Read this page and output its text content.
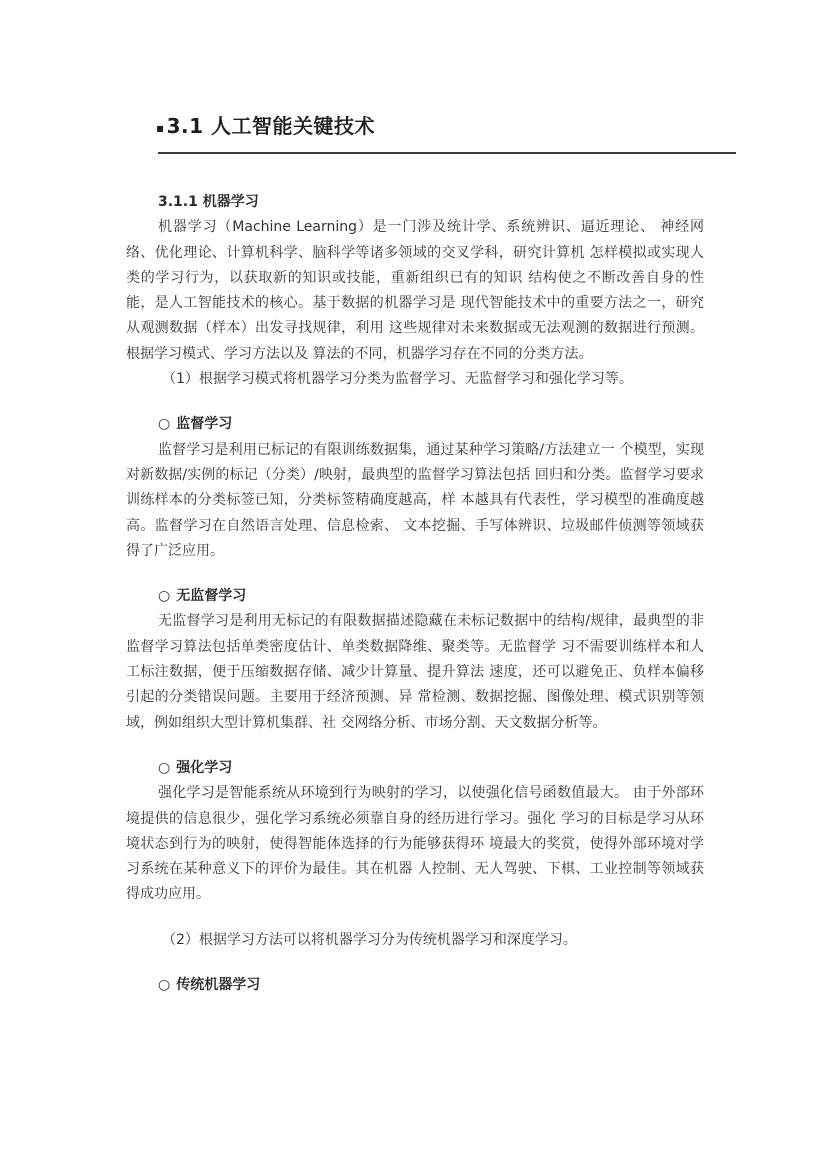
▪ 3.1 人工智能关键技术

3.1.1 机器学习

机器学习（Machine Learning）是一门涉及统计学、系统辨识、逼近理论、 神经网络、优化理论、计算机科学、脑科学等诸多领域的交叉学科，研究计算机 怎样模拟或实现人类的学习行为，以获取新的知识或技能，重新组织已有的知识 结构使之不断改善自身的性能，是人工智能技术的核心。基于数据的机器学习是 现代智能技术中的重要方法之一，研究从观测数据（样本）出发寻找规律，利用 这些规律对未来数据或无法观测的数据进行预测。根据学习模式、学习方法以及 算法的不同，机器学习存在不同的分类方法。

（1）根据学习模式将机器学习分类为监督学习、无监督学习和强化学习等。

○ 监督学习

监督学习是利用已标记的有限训练数据集，通过某种学习策略/方法建立一 个模型，实现对新数据/实例的标记（分类）/映射，最典型的监督学习算法包括 回归和分类。监督学习要求训练样本的分类标签已知，分类标签精确度越高，样 本越具有代表性，学习模型的准确度越高。监督学习在自然语言处理、信息检索、 文本挖掘、手写体辨识、垃圾邮件侦测等领域获得了广泛应用。

○ 无监督学习

无监督学习是利用无标记的有限数据描述隐藏在未标记数据中的结构/规律，最典型的非监督学习算法包括单类密度估计、单类数据降维、聚类等。无监督学 习不需要训练样本和人工标注数据，便于压缩数据存储、减少计算量、提升算法 速度，还可以避免正、负样本偏移引起的分类错误问题。主要用于经济预测、异 常检测、数据挖掘、图像处理、模式识别等领域，例如组织大型计算机集群、社 交网络分析、市场分割、天文数据分析等。

○ 强化学习

强化学习是智能系统从环境到行为映射的学习，以使强化信号函数值最大。 由于外部环境提供的信息很少，强化学习系统必须靠自身的经历进行学习。强化 学习的目标是学习从环境状态到行为的映射，使得智能体选择的行为能够获得环 境最大的奖赏，使得外部环境对学习系统在某种意义下的评价为最佳。其在机器 人控制、无人驾驶、下棋、工业控制等领域获得成功应用。

（2）根据学习方法可以将机器学习分为传统机器学习和深度学习。

○ 传统机器学习
